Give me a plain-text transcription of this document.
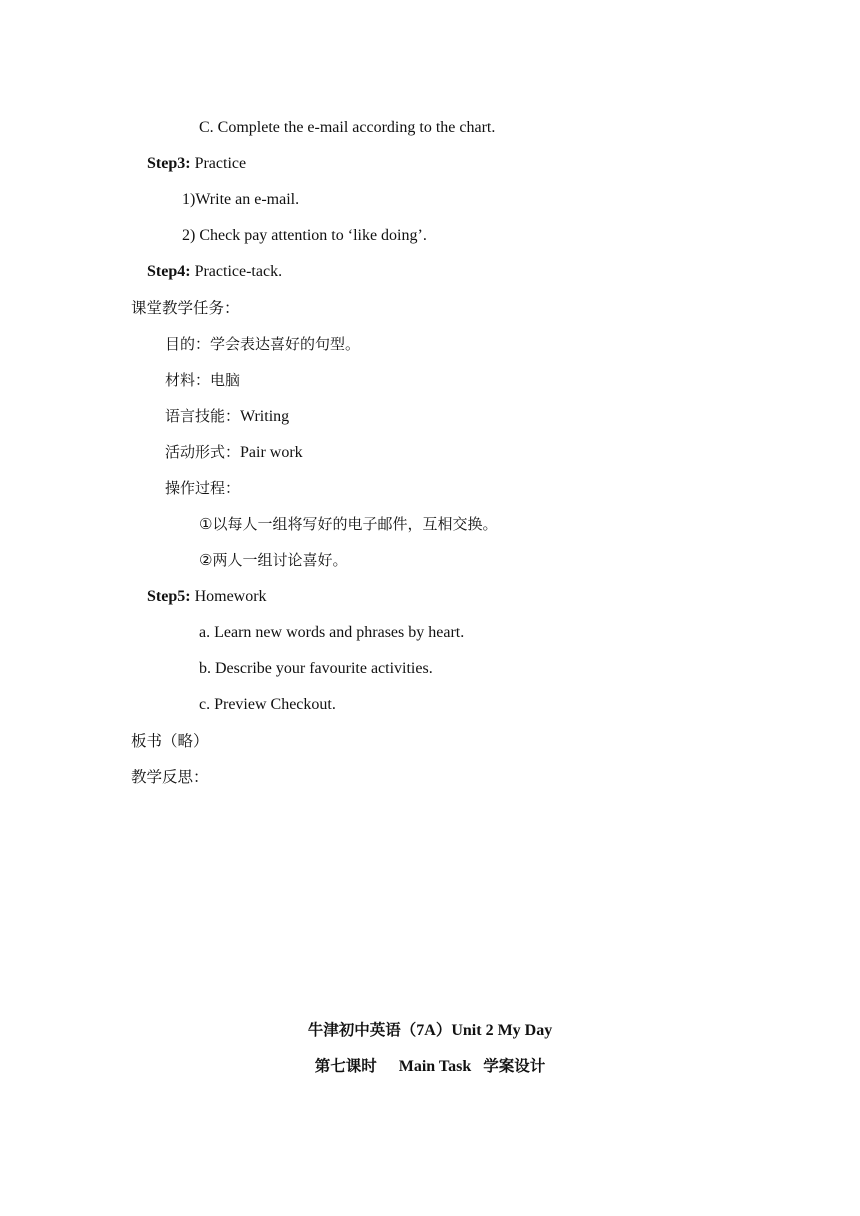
C. Complete the e-mail according to the chart.
Step3: Practice
1)Write an e-mail.
2) Check pay attention to ‘like doing’.
Step4: Practice-tack.
课堂教学任务：
目的：学会表达喜好的句型。
材料：电脑
语言技能：Writing
活动形式：Pair work
操作过程：
①以每人一组将写好的电子邮件，互相交换。
②两人一组讨论喜好。
Step5: Homework
a. Learn new words and phrases by heart.
b. Describe your favourite activities.
c. Preview Checkout.
板书（略）
教学反思：
牛津初中英语（7A）Unit 2 My Day
第七课时 Main Task 学案设计
